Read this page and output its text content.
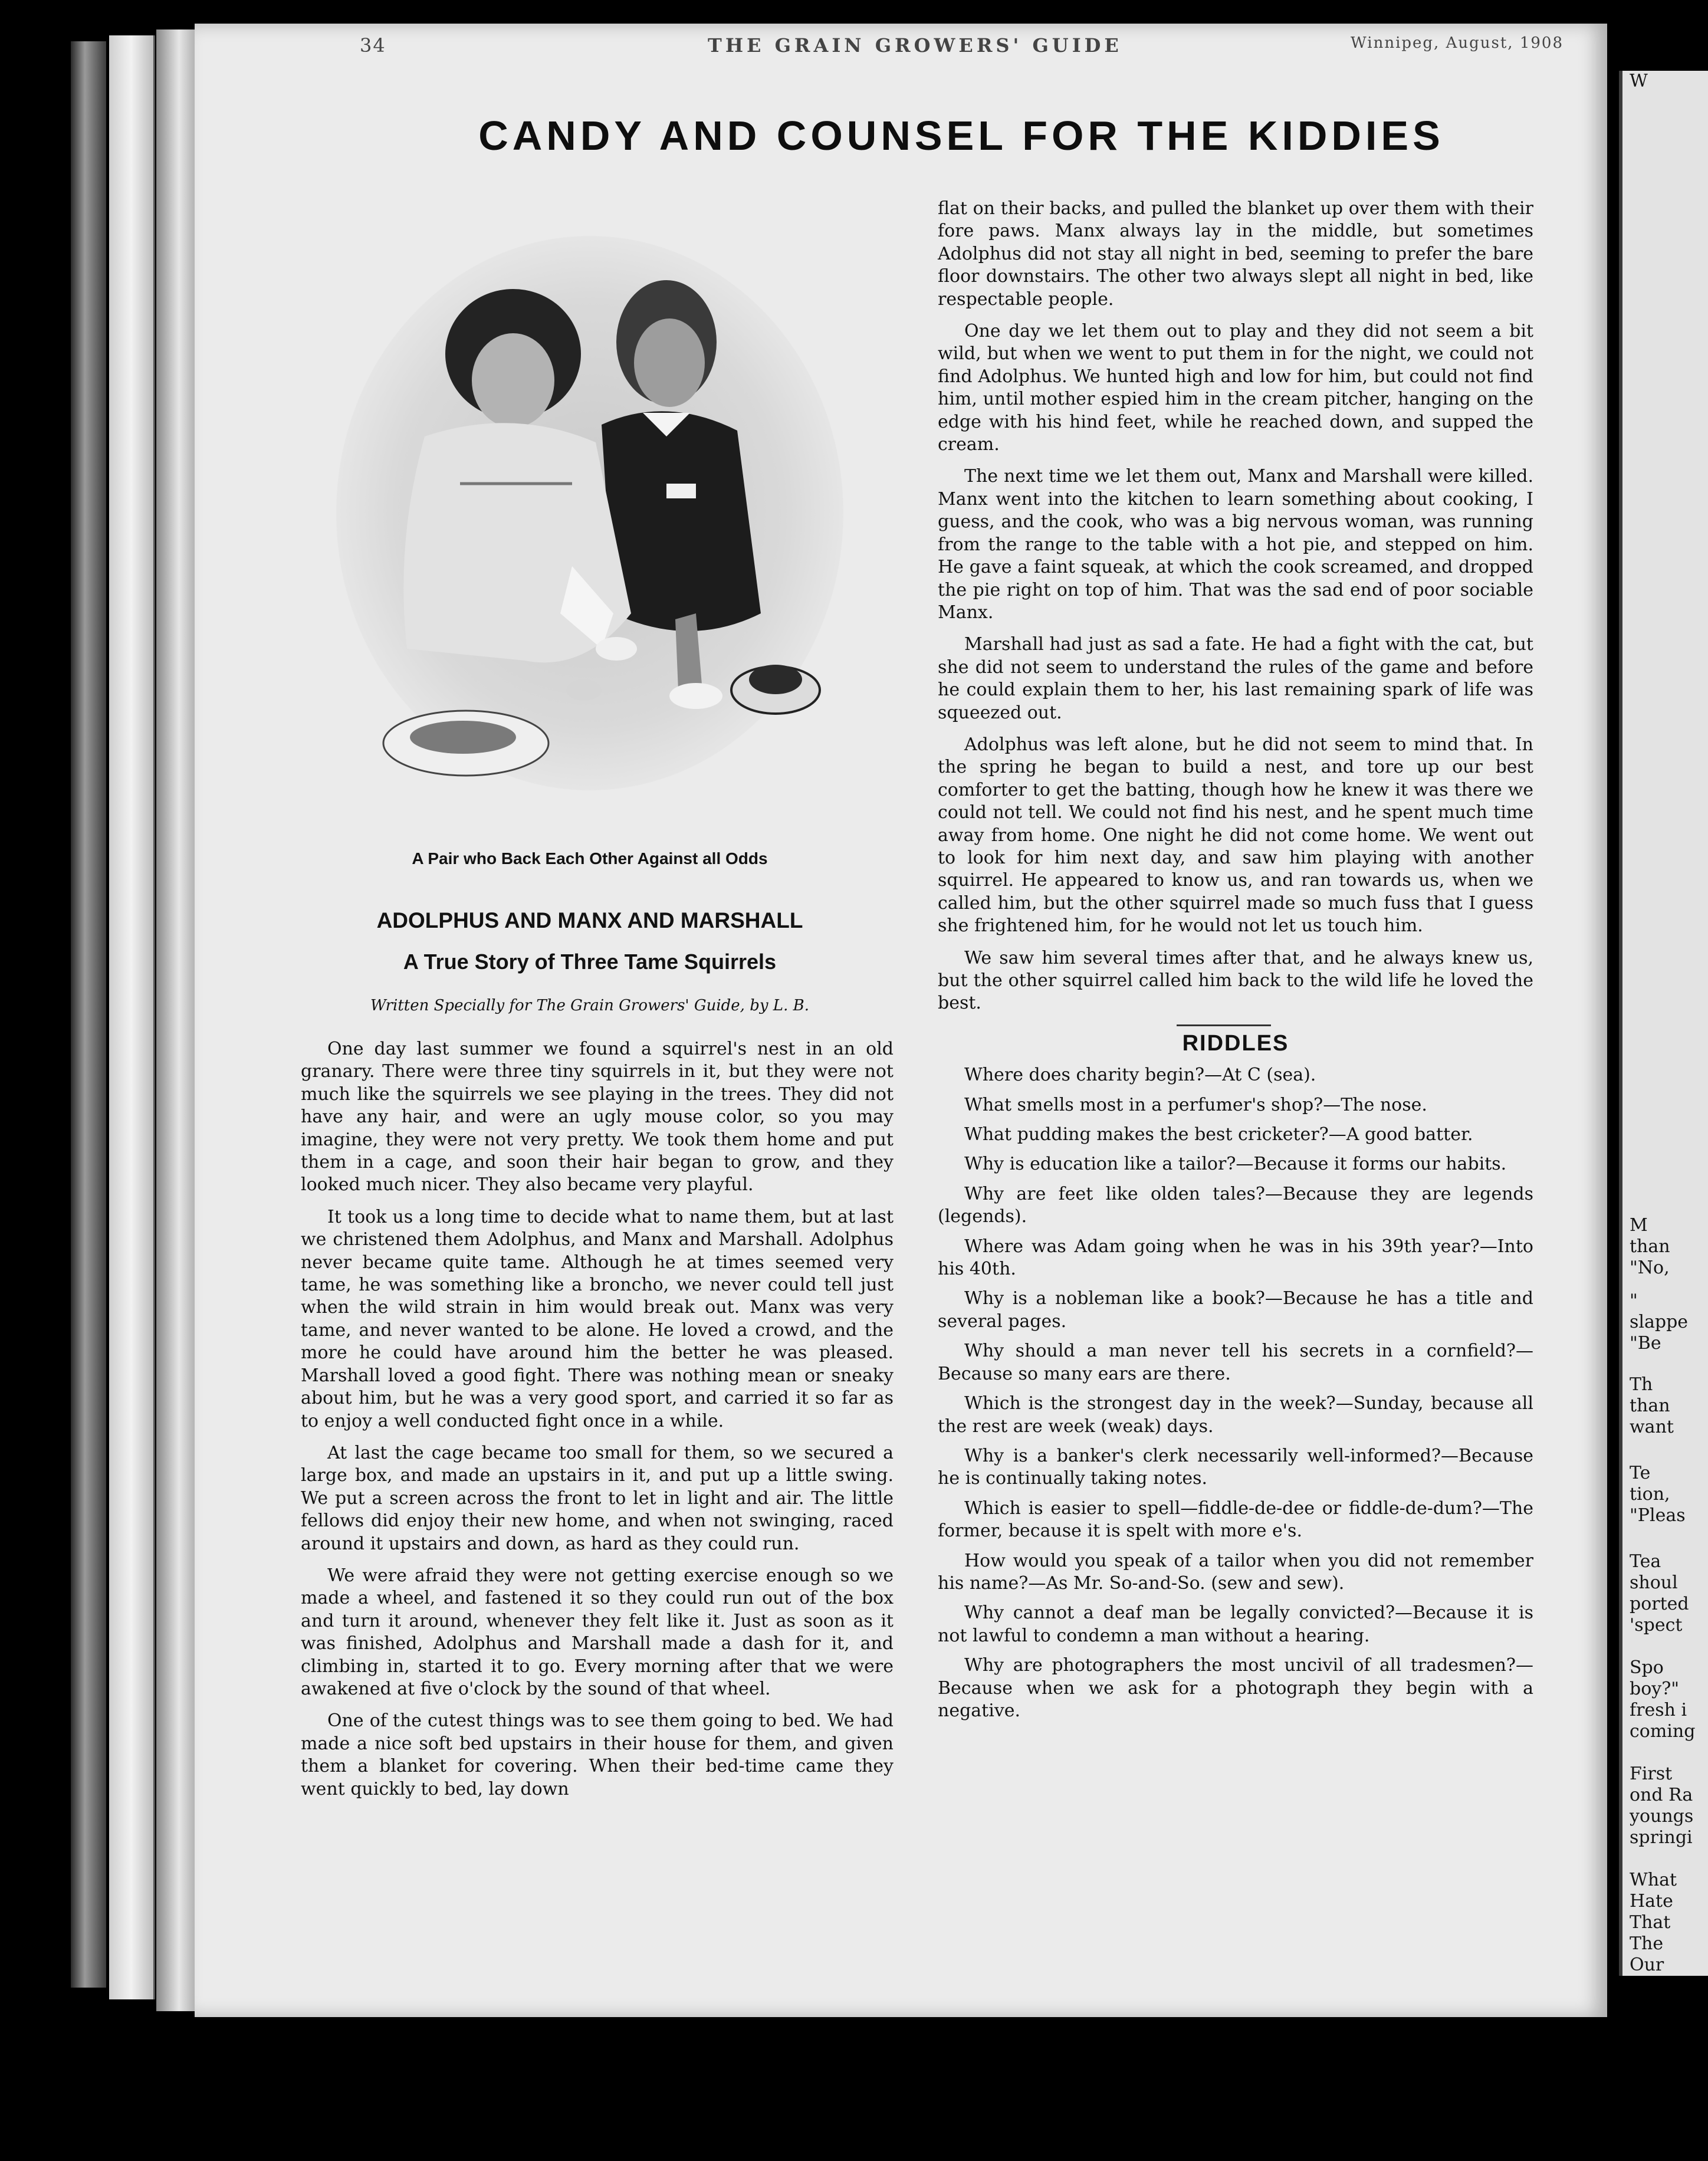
34	THE GRAIN GROWERS' GUIDE	Winnipeg, August, 1908
CANDY AND COUNSEL FOR THE KIDDIES
A Pair who Back Each Other Against all Odds
ADOLPHUS AND MANX AND MARSHALL
A True Story of Three Tame Squirrels
Written Specially for The Grain Growers' Guide, by L. B.

One day last summer we found a squirrel's nest in an old granary. There were three tiny squirrels in it, but they were not much like the squirrels we see playing in the trees. They did not have any hair, and were an ugly mouse color, so you may imagine, they were not very pretty. We took them home and put them in a cage, and soon their hair began to grow, and they looked much nicer. They also became very playful.

It took us a long time to decide what to name them, but at last we christened them Adolphus, and Manx and Marshall. Adolphus never became quite tame. Although he at times seemed very tame, he was something like a broncho, we never could tell just when the wild strain in him would break out. Manx was very tame, and never wanted to be alone. He loved a crowd, and the more he could have around him the better he was pleased. Marshall loved a good fight. There was nothing mean or sneaky about him, but he was a very good sport, and carried it so far as to enjoy a well conducted fight once in a while.

At last the cage became too small for them, so we secured a large box, and made an upstairs in it, and put up a little swing. We put a screen across the front to let in light and air. The little fellows did enjoy their new home, and when not swinging, raced around it upstairs and down, as hard as they could run.

We were afraid they were not getting exercise enough so we made a wheel, and fastened it so they could run out of the box and turn it around, whenever they felt like it. Just as soon as it was finished, Adolphus and Marshall made a dash for it, and climbing in, started it to go. Every morning after that we were awakened at five o'clock by the sound of that wheel.

One of the cutest things was to see them going to bed. We had made a nice soft bed upstairs in their house for them, and given them a blanket for covering. When their bed-time came they went quickly to bed, lay down

flat on their backs, and pulled the blanket up over them with their fore paws. Manx always lay in the middle, but sometimes Adolphus did not stay all night in bed, seeming to prefer the bare floor downstairs. The other two always slept all night in bed, like respectable people.

One day we let them out to play and they did not seem a bit wild, but when we went to put them in for the night, we could not find Adolphus. We hunted high and low for him, but could not find him, until mother espied him in the cream pitcher, hanging on the edge with his hind feet, while he reached down, and supped the cream.

The next time we let them out, Manx and Marshall were killed. Manx went into the kitchen to learn something about cooking, I guess, and the cook, who was a big nervous woman, was running from the range to the table with a hot pie, and stepped on him. He gave a faint squeak, at which the cook screamed, and dropped the pie right on top of him. That was the sad end of poor sociable Manx.

Marshall had just as sad a fate. He had a fight with the cat, but she did not seem to understand the rules of the game and before he could explain them to her, his last remaining spark of life was squeezed out.

Adolphus was left alone, but he did not seem to mind that. In the spring he began to build a nest, and tore up our best comforter to get the batting, though how he knew it was there we could not tell. We could not find his nest, and he spent much time away from home. One night he did not come home. We went out to look for him next day, and saw him playing with another squirrel. He appeared to know us, and ran towards us, when we called him, but the other squirrel made so much fuss that I guess she frightened him, for he would not let us touch him.

We saw him several times after that, and he always knew us, but the other squirrel called him back to the wild life he loved the best.

RIDDLES

Where does charity begin?—At C (sea).

What smells most in a perfumer's shop?—The nose.

What pudding makes the best cricketer?—A good batter.

Why is education like a tailor?—Because it forms our habits.

Why are feet like olden tales?—Because they are legends (legends).

Where was Adam going when he was in his 39th year?—Into his 40th.

Why is a nobleman like a book?—Because he has a title and several pages.

Why should a man never tell his secrets in a cornfield?—Because so many ears are there.

Which is the strongest day in the week?—Sunday, because all the rest are week (weak) days.

Why is a banker's clerk necessarily well-informed?—Because he is continually taking notes.

Which is easier to spell—fiddle-de-dee or fiddle-de-dum?—The former, because it is spelt with more e's.

How would you speak of a tailor when you did not remember his name?—As Mr. So-and-So. (sew and sew).

Why cannot a deaf man be legally convicted?—Because it is not lawful to condemn a man without a hearing.

Why are photographers the most uncivil of all tradesmen?—Because when we ask for a photograph they begin with a negative.

W
M
than
"No,
"
slappe
"Be
Th
than
want
Te
tion,
"Pleas
Tea
shoul
ported
'spect
Spo
boy?"
fresh i
coming
First
ond Ra
youngs
springi
What
Hate
That
The
Our
